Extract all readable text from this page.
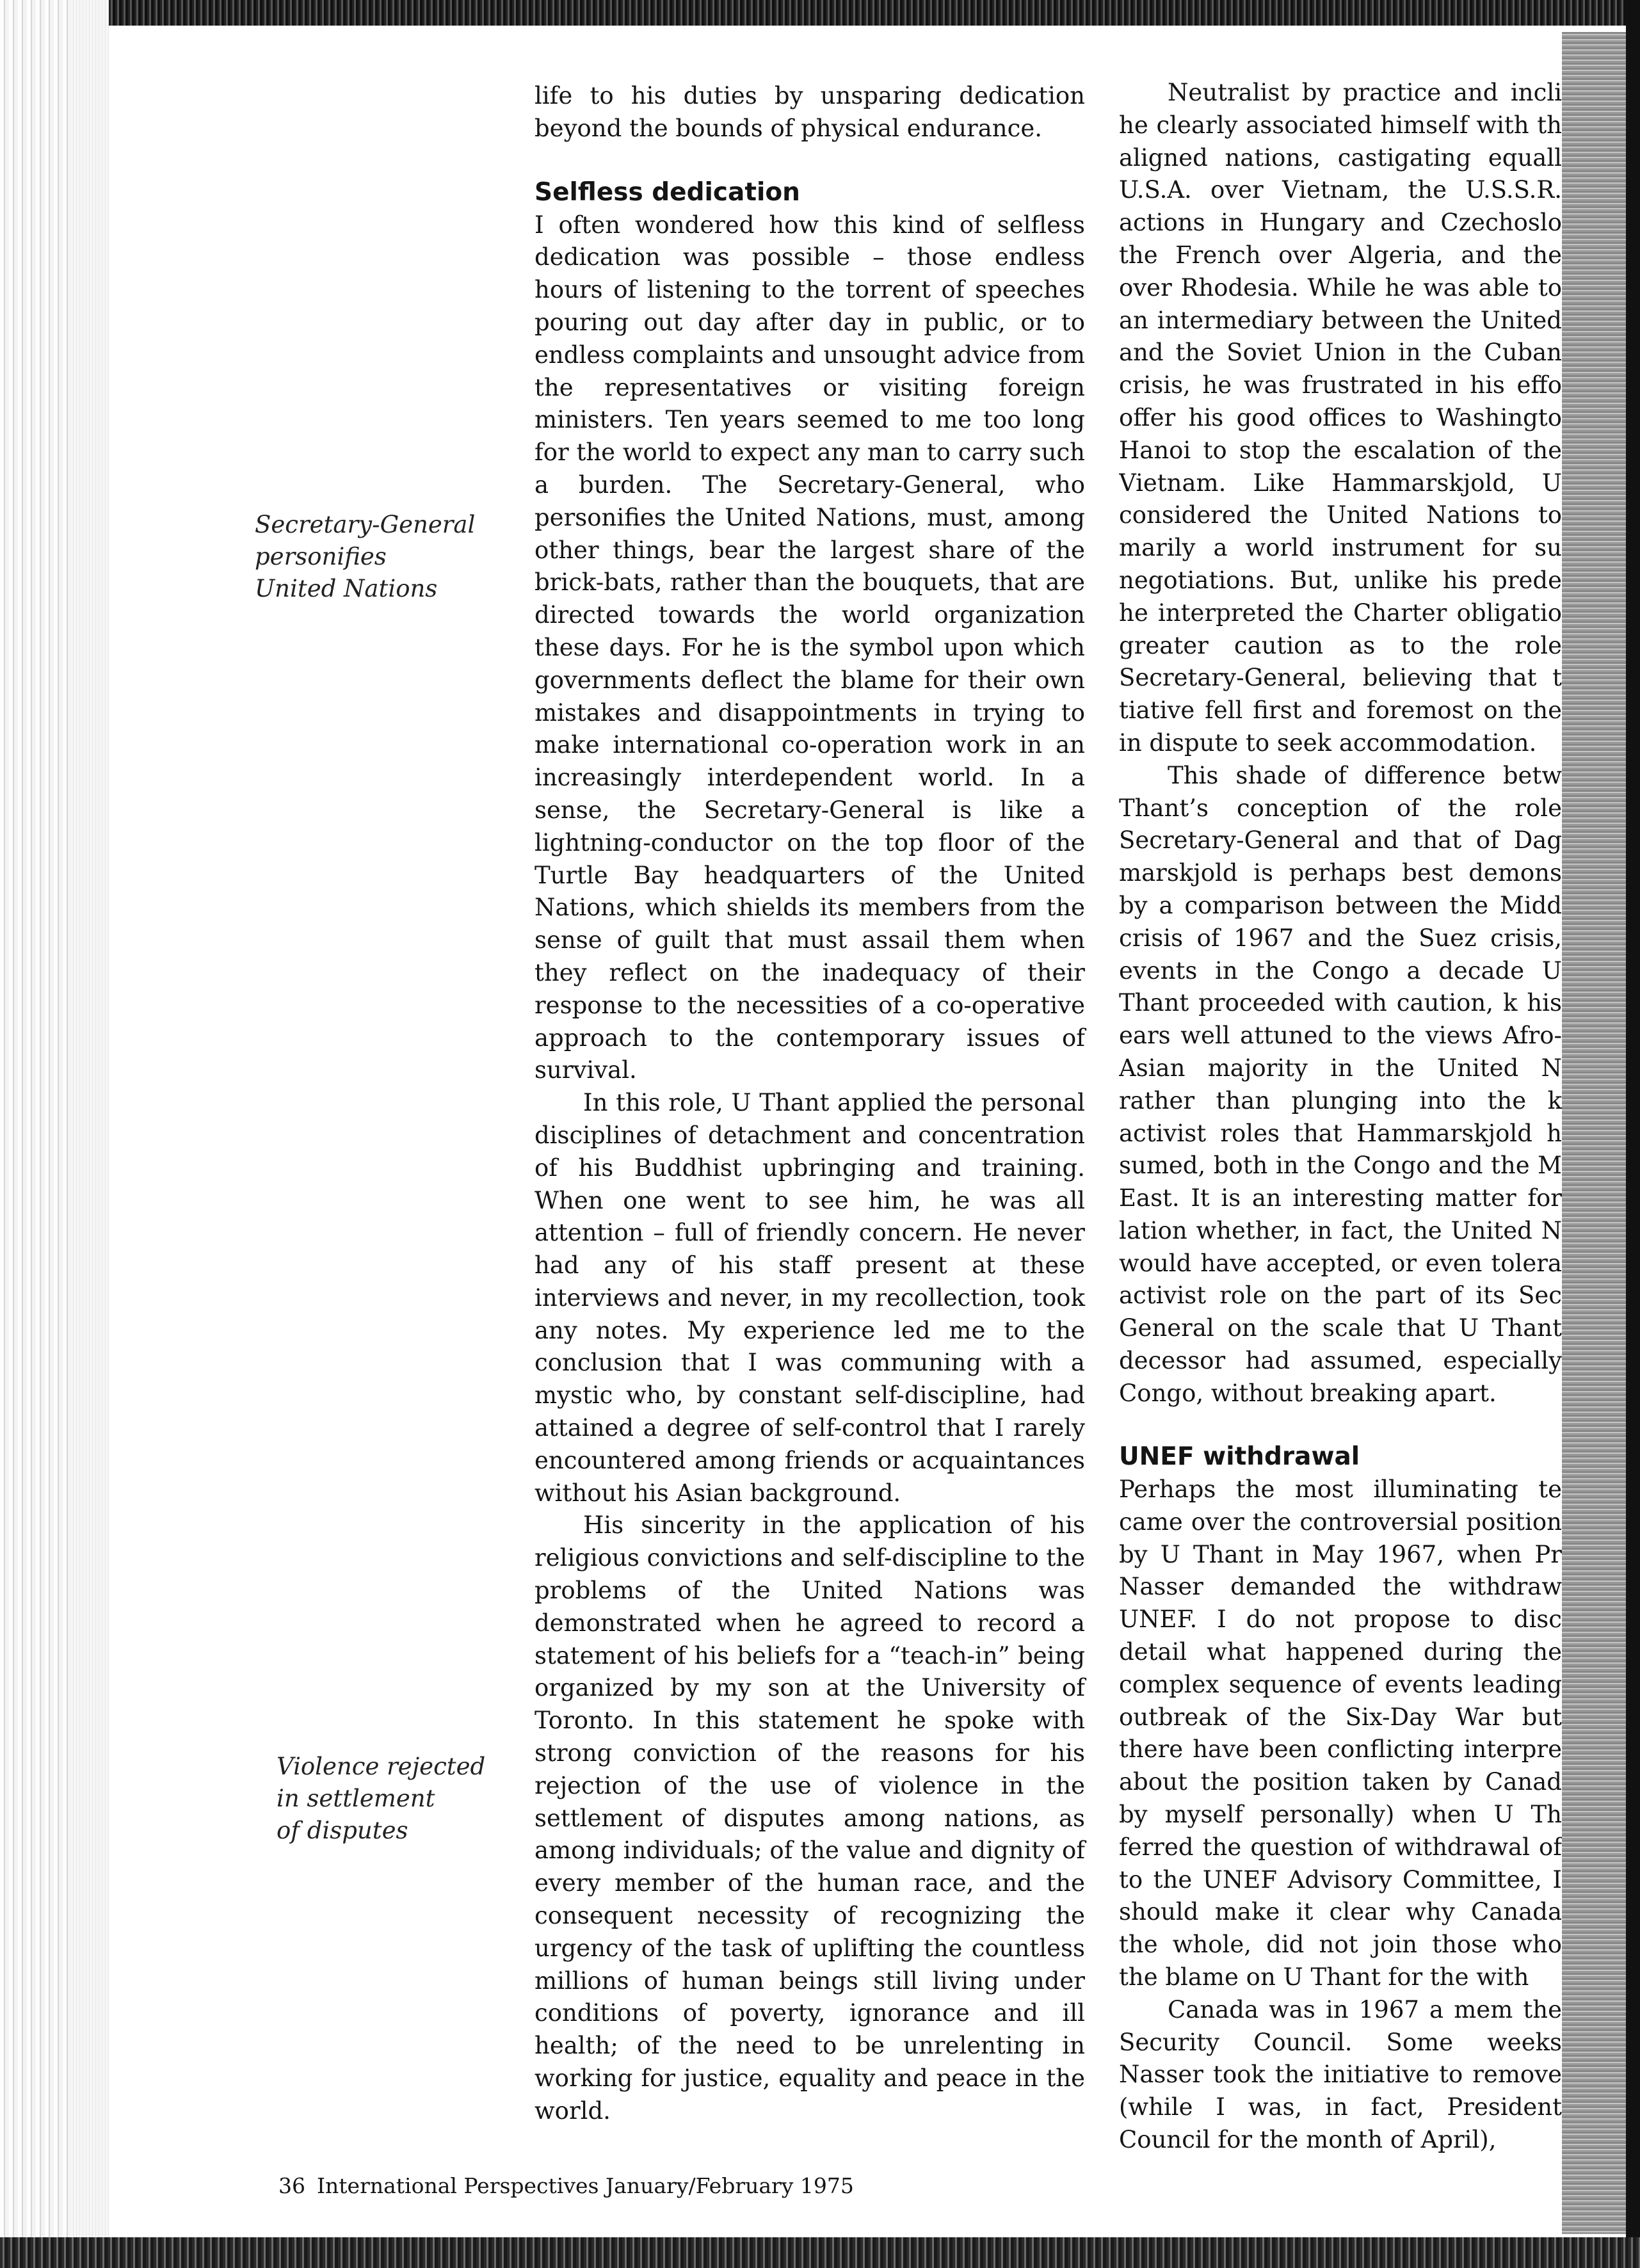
Secretary-General
personifies
United Nations
Violence rejected
in settlement
of disputes

life to his duties by unsparing dedication beyond the bounds of physical endurance.

Selfless dedication

I often wondered how this kind of selfless dedication was possible – those endless hours of listening to the torrent of speeches pouring out day after day in public, or to endless complaints and unsought advice from the representatives or visiting foreign ministers. Ten years seemed to me too long for the world to expect any man to carry such a burden. The Secretary-General, who personifies the United Nations, must, among other things, bear the largest share of the brick-bats, rather than the bouquets, that are directed towards the world organization these days. For he is the symbol upon which governments deflect the blame for their own mistakes and disappointments in trying to make international co-operation work in an increasingly interdependent world. In a sense, the Secretary-General is like a lightning-conductor on the top floor of the Turtle Bay headquarters of the United Nations, which shields its members from the sense of guilt that must assail them when they reflect on the inadequacy of their response to the necessities of a co-operative approach to the contemporary issues of survival.

In this role, U Thant applied the personal disciplines of detachment and concentration of his Buddhist upbringing and training. When one went to see him, he was all attention – full of friendly concern. He never had any of his staff present at these interviews and never, in my recollection, took any notes. My experience led me to the conclusion that I was communing with a mystic who, by constant self-discipline, had attained a degree of self-control that I rarely encountered among friends or acquaintances without his Asian background.

His sincerity in the application of his religious convictions and self-discipline to the problems of the United Nations was demonstrated when he agreed to record a statement of his beliefs for a “teach-in” being organized by my son at the University of Toronto. In this statement he spoke with strong conviction of the reasons for his rejection of the use of violence in the settlement of disputes among nations, as among individuals; of the value and dignity of every member of the human race, and the consequent necessity of recognizing the urgency of the task of uplifting the countless millions of human beings still living under conditions of poverty, ignorance and ill health; of the need to be unrelenting in working for justice, equality and peace in the world.

Neutralist by practice and incli he clearly associated himself with th aligned nations, castigating equall U.S.A. over Vietnam, the U.S.S.R. actions in Hungary and Czechoslo the French over Algeria, and the over Rhodesia. While he was able to an intermediary between the United and the Soviet Union in the Cuban crisis, he was frustrated in his effo offer his good offices to Washingto Hanoi to stop the escalation of the Vietnam. Like Hammarskjold, U considered the United Nations to marily a world instrument for su negotiations. But, unlike his prede he interpreted the Charter obligatio greater caution as to the role Secretary-General, believing that t tiative fell first and foremost on the in dispute to seek accommodation.

This shade of difference betw Thant’s conception of the role Secretary-General and that of Dag marskjold is perhaps best demons by a comparison between the Midd crisis of 1967 and the Suez crisis, events in the Congo a decade U Thant proceeded with caution, k his ears well attuned to the views Afro-Asian majority in the United N rather than plunging into the k activist roles that Hammarskjold h sumed, both in the Congo and the M East. It is an interesting matter for lation whether, in fact, the United N would have accepted, or even tolera activist role on the part of its Sec General on the scale that U Thant decessor had assumed, especially Congo, without breaking apart.

UNEF withdrawal

Perhaps the most illuminating te came over the controversial position by U Thant in May 1967, when Pr Nasser demanded the withdraw UNEF. I do not propose to disc detail what happened during the complex sequence of events leading outbreak of the Six-Day War but there have been conflicting interpre about the position taken by Canad by myself personally) when U Th ferred the question of withdrawal of to the UNEF Advisory Committee, I should make it clear why Canada the whole, did not join those who the blame on U Thant for the with

Canada was in 1967 a mem the Security Council. Some weeks Nasser took the initiative to remove (while I was, in fact, President Council for the month of April),

36 International Perspectives January/February 1975
